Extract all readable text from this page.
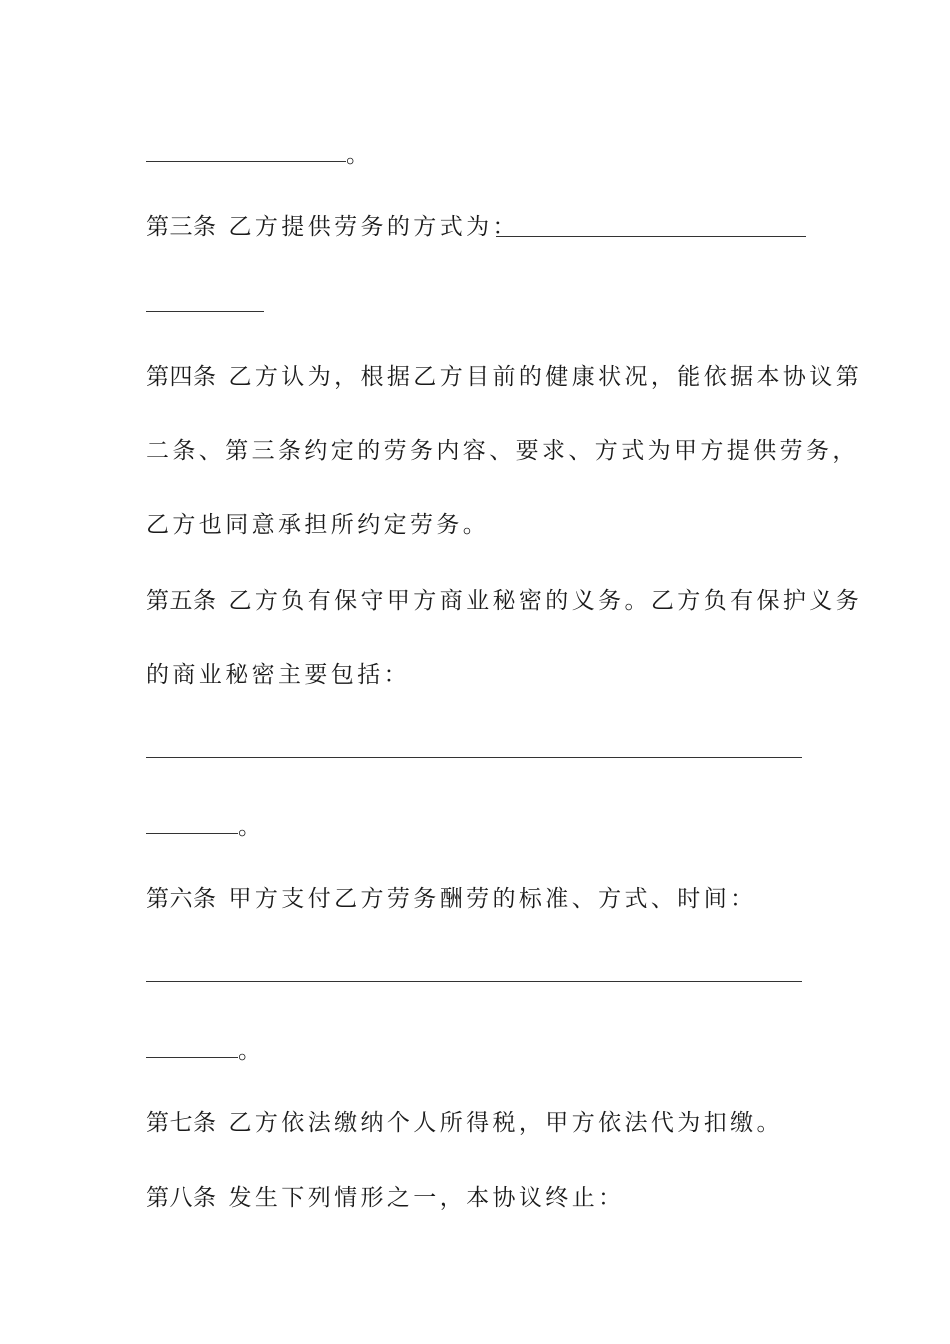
。
第三条 乙方提供劳务的方式为：
第四条 乙方认为，根据乙方目前的健康状况，能依据本协议第
二条、第三条约定的劳务内容、要求、方式为甲方提供劳务，
乙方也同意承担所约定劳务。
第五条 乙方负有保守甲方商业秘密的义务。乙方负有保护义务
的商业秘密主要包括：
。
第六条 甲方支付乙方劳务酬劳的标准、方式、时间：
。
第七条 乙方依法缴纳个人所得税，甲方依法代为扣缴。
第八条 发生下列情形之一，本协议终止：
